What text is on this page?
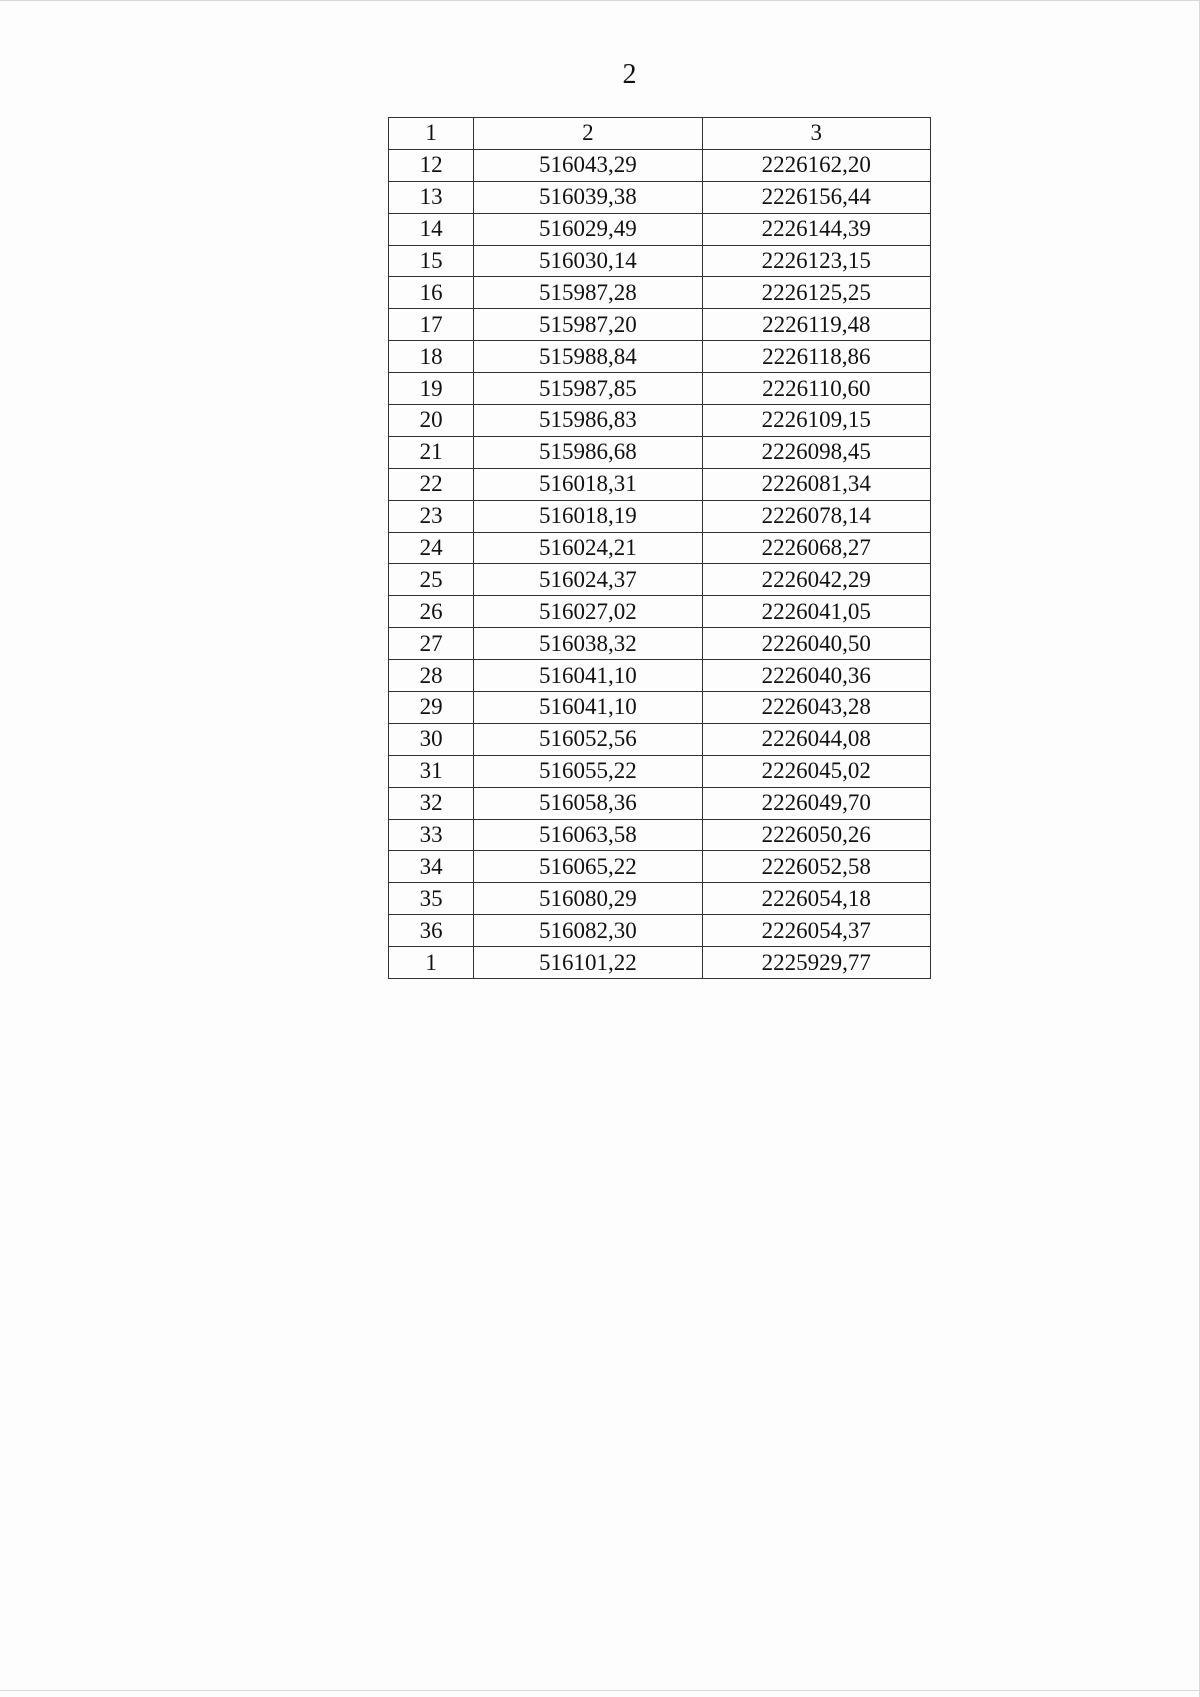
2
1	2	3
12	516043,29	2226162,20
13	516039,38	2226156,44
14	516029,49	2226144,39
15	516030,14	2226123,15
16	515987,28	2226125,25
17	515987,20	2226119,48
18	515988,84	2226118,86
19	515987,85	2226110,60
20	515986,83	2226109,15
21	515986,68	2226098,45
22	516018,31	2226081,34
23	516018,19	2226078,14
24	516024,21	2226068,27
25	516024,37	2226042,29
26	516027,02	2226041,05
27	516038,32	2226040,50
28	516041,10	2226040,36
29	516041,10	2226043,28
30	516052,56	2226044,08
31	516055,22	2226045,02
32	516058,36	2226049,70
33	516063,58	2226050,26
34	516065,22	2226052,58
35	516080,29	2226054,18
36	516082,30	2226054,37
1	516101,22	2225929,77
